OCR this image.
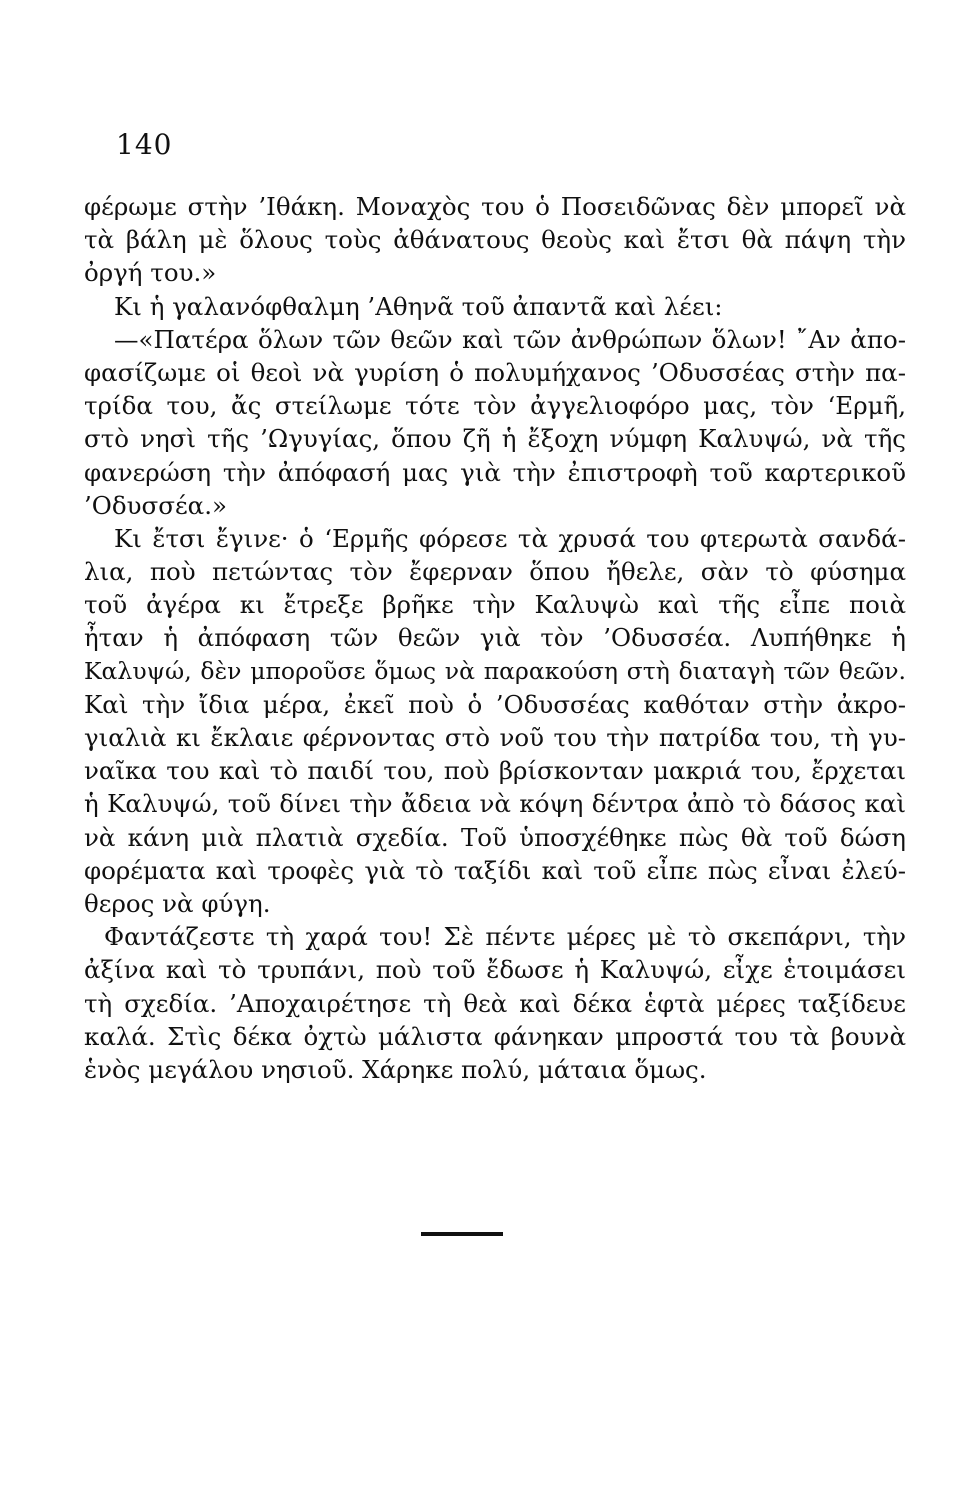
140
φέρωμε στὴν ’Ιθάκη. Μοναχὸς του ὁ Ποσειδῶνας δὲν μπορεῖ νὰ
τὰ βάλη μὲ ὅλους τοὺς ἀθάνατους θεοὺς καὶ ἔτσι θὰ πάψη τὴν
ὀργή του.»
Κι ἡ γαλανόφθαλμη ’Αθηνᾶ τοῦ ἀπαντᾶ καὶ λέει:
—«Πατέρα ὅλων τῶν θεῶν καὶ τῶν ἀνθρώπων ὅλων! ῎Αν ἀπο-
φασίζωμε οἱ θεοὶ νὰ γυρίση ὁ πολυμήχανος ’Οδυσσέας στὴν πα-
τρίδα του, ἄς στείλωμε τότε τὸν ἀγγελιοφόρο μας, τὸν ‘Ερμῆ,
στὸ νησὶ τῆς ’Ωγυγίας, ὅπου ζῆ ἡ ἔξοχη νύμφη Καλυψώ, νὰ τῆς
φανερώση τὴν ἀπόφασή μας γιὰ τὴν ἐπιστροφὴ τοῦ καρτερικοῦ
’Οδυσσέα.»
Κι ἔτσι ἔγινε· ὁ ‘Ερμῆς φόρεσε τὰ χρυσά του φτερωτὰ σανδά-
λια, ποὺ πετώντας τὸν ἔφερναν ὅπου ἤθελε, σὰν τὸ φύσημα
τοῦ ἀγέρα κι ἔτρεξε βρῆκε τὴν Καλυψὼ καὶ τῆς εἶπε ποιὰ
ἦταν ἡ ἀπόφαση τῶν θεῶν γιὰ τὸν ’Οδυσσέα. Λυπήθηκε ἡ
Καλυψώ, δὲν μποροῦσε ὅμως νὰ παρακούση στὴ διαταγὴ τῶν θεῶν.
Καὶ τὴν ἴδια μέρα, ἐκεῖ ποὺ ὁ ’Οδυσσέας καθόταν στὴν ἀκρο-
γιαλιὰ κι ἔκλαιε φέρνοντας στὸ νοῦ του τὴν πατρίδα του, τὴ γυ-
ναῖκα του καὶ τὸ παιδί του, ποὺ βρίσκονταν μακριά του, ἔρχεται
ἡ Καλυψώ, τοῦ δίνει τὴν ἄδεια νὰ κόψη δέντρα ἀπὸ τὸ δάσος καὶ
νὰ κάνη μιὰ πλατιὰ σχεδία. Τοῦ ὑποσχέθηκε πὼς θὰ τοῦ δώση
φορέματα καὶ τροφὲς γιὰ τὸ ταξίδι καὶ τοῦ εἶπε πὼς εἶναι ἐλεύ-
θερος νὰ φύγη.
Φαντάζεστε τὴ χαρά του! Σὲ πέντε μέρες μὲ τὸ σκεπάρνι, τὴν
ἀξίνα καὶ τὸ τρυπάνι, ποὺ τοῦ ἔδωσε ἡ Καλυψώ, εἶχε ἑτοιμάσει
τὴ σχεδία. ’Αποχαιρέτησε τὴ θεὰ καὶ δέκα ἑφτὰ μέρες ταξίδευε
καλά. Στὶς δέκα ὀχτὼ μάλιστα φάνηκαν μπροστά του τὰ βουνὰ
ἑνὸς μεγάλου νησιοῦ. Χάρηκε πολύ, μάταια ὅμως.
